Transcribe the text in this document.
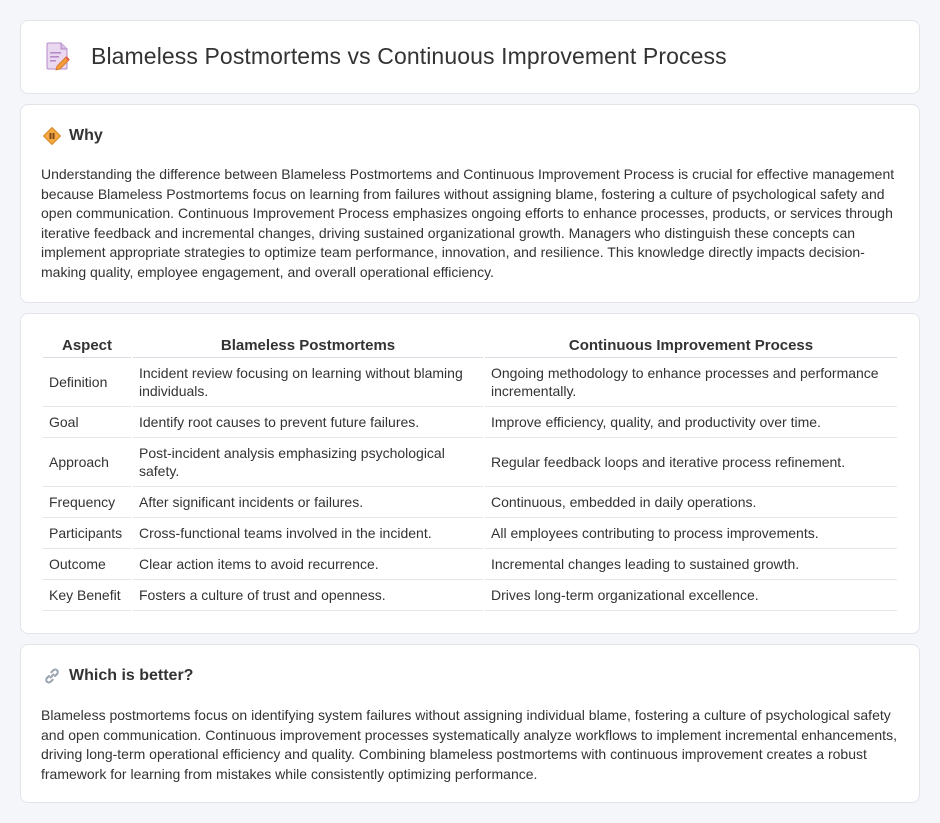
Blameless Postmortems vs Continuous Improvement Process
Why

Understanding the difference between Blameless Postmortems and Continuous Improvement Process is crucial for effective management because Blameless Postmortems focus on learning from failures without assigning blame, fostering a culture of psychological safety and open communication. Continuous Improvement Process emphasizes ongoing efforts to enhance processes, products, or services through iterative feedback and incremental changes, driving sustained organizational growth. Managers who distinguish these concepts can implement appropriate strategies to optimize team performance, innovation, and resilience. This knowledge directly impacts decision-making quality, employee engagement, and overall operational efficiency.

Aspect	Blameless Postmortems	Continuous Improvement Process
Definition	Incident review focusing on learning without blaming individuals.	Ongoing methodology to enhance processes and performance incrementally.
Goal	Identify root causes to prevent future failures.	Improve efficiency, quality, and productivity over time.
Approach	Post-incident analysis emphasizing psychological safety.	Regular feedback loops and iterative process refinement.
Frequency	After significant incidents or failures.	Continuous, embedded in daily operations.
Participants	Cross-functional teams involved in the incident.	All employees contributing to process improvements.
Outcome	Clear action items to avoid recurrence.	Incremental changes leading to sustained growth.
Key Benefit	Fosters a culture of trust and openness.	Drives long-term organizational excellence.
Which is better?

Blameless postmortems focus on identifying system failures without assigning individual blame, fostering a culture of psychological safety and open communication. Continuous improvement processes systematically analyze workflows to implement incremental enhancements, driving long-term operational efficiency and quality. Combining blameless postmortems with continuous improvement creates a robust framework for learning from mistakes while consistently optimizing performance.
